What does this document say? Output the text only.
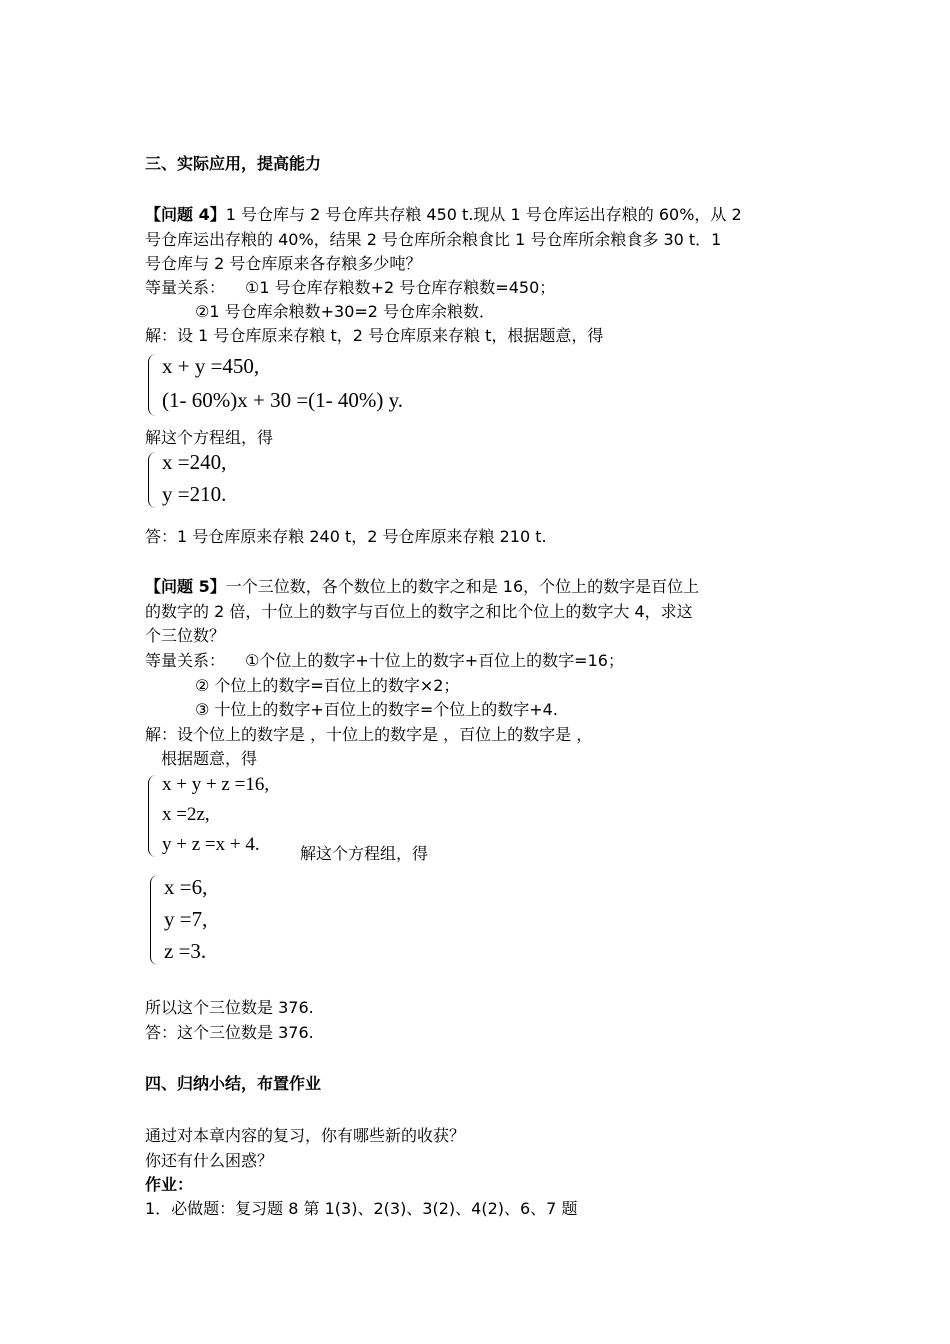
三、实际应用，提高能力
【问题 4】1 号仓库与 2 号仓库共存粮 450 t.现从 1 号仓库运出存粮的 60%，从 2
号仓库运出存粮的 40%，结果 2 号仓库所余粮食比 1 号仓库所余粮食多 30 t．1
号仓库与 2 号仓库原来各存粮多少吨？
等量关系： ①1 号仓库存粮数+2 号仓库存粮数=450；
②1 号仓库余粮数+30=2 号仓库余粮数．
解：设 1 号仓库原来存粮 t，2 号仓库原来存粮 t，根据题意，得
x + y =450,
(1- 60%)x + 30 =(1- 40%) y.
解这个方程组，得
x =240,
y =210.
答：1 号仓库原来存粮 240 t，2 号仓库原来存粮 210 t.
【问题 5】一个三位数，各个数位上的数字之和是 16，个位上的数字是百位上
的数字的 2 倍，十位上的数字与百位上的数字之和比个位上的数字大 4，求这
个三位数？
等量关系： ①个位上的数字+十位上的数字+百位上的数字=16；
② 个位上的数字=百位上的数字×2；
③ 十位上的数字+百位上的数字=个位上的数字+4.
解：设个位上的数字是 ，十位上的数字是 ，百位上的数字是 ，
根据题意，得
x + y + z =16,
x =2z,
y + z =x + 4.	解这个方程组，得
x =6,
y =7,
z =3.
所以这个三位数是 376.
答：这个三位数是 376.
四、归纳小结，布置作业
通过对本章内容的复习，你有哪些新的收获？
你还有什么困惑？
作业：
1．必做题：复习题 8 第 1(3)、2(3)、3(2)、4(2)、6、7 题
